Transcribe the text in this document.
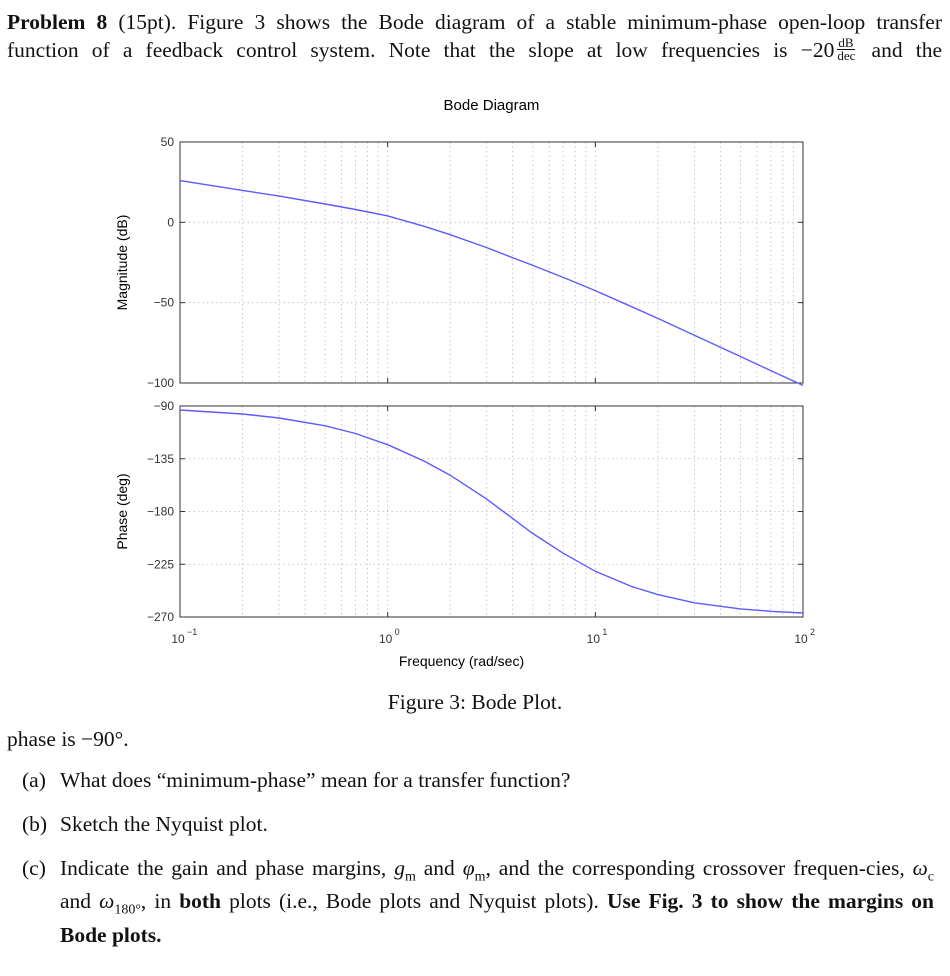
Problem 8 (15pt). Figure 3 shows the Bode diagram of a stable minimum-phase open-loop transfer
function of a feedback control system. Note that the slope at low frequencies is $-20 \frac{dB}{\text{dec}}$ and the
Bode Diagram
50
0
−50
−100
Magnitude (dB)
−90
−135
−180
−225
−270
Phase (deg)
10 −1	10 0	10 1	10 2
Frequency (rad/sec)
Figure 3: Bode Plot.
phase is −90°.
(a) What does “minimum-phase” mean for a transfer function?
(b) Sketch the Nyquist plot.
(c) Indicate the gain and phase margins, $g_m$ and $\varphi_m$, and the corresponding crossover frequen-cies, $\omega_c$ and $\omega_{180^\circ}$, in both plots (i.e., Bode plots and Nyquist plots). Use Fig. 3 to show the margins on Bode plots.
